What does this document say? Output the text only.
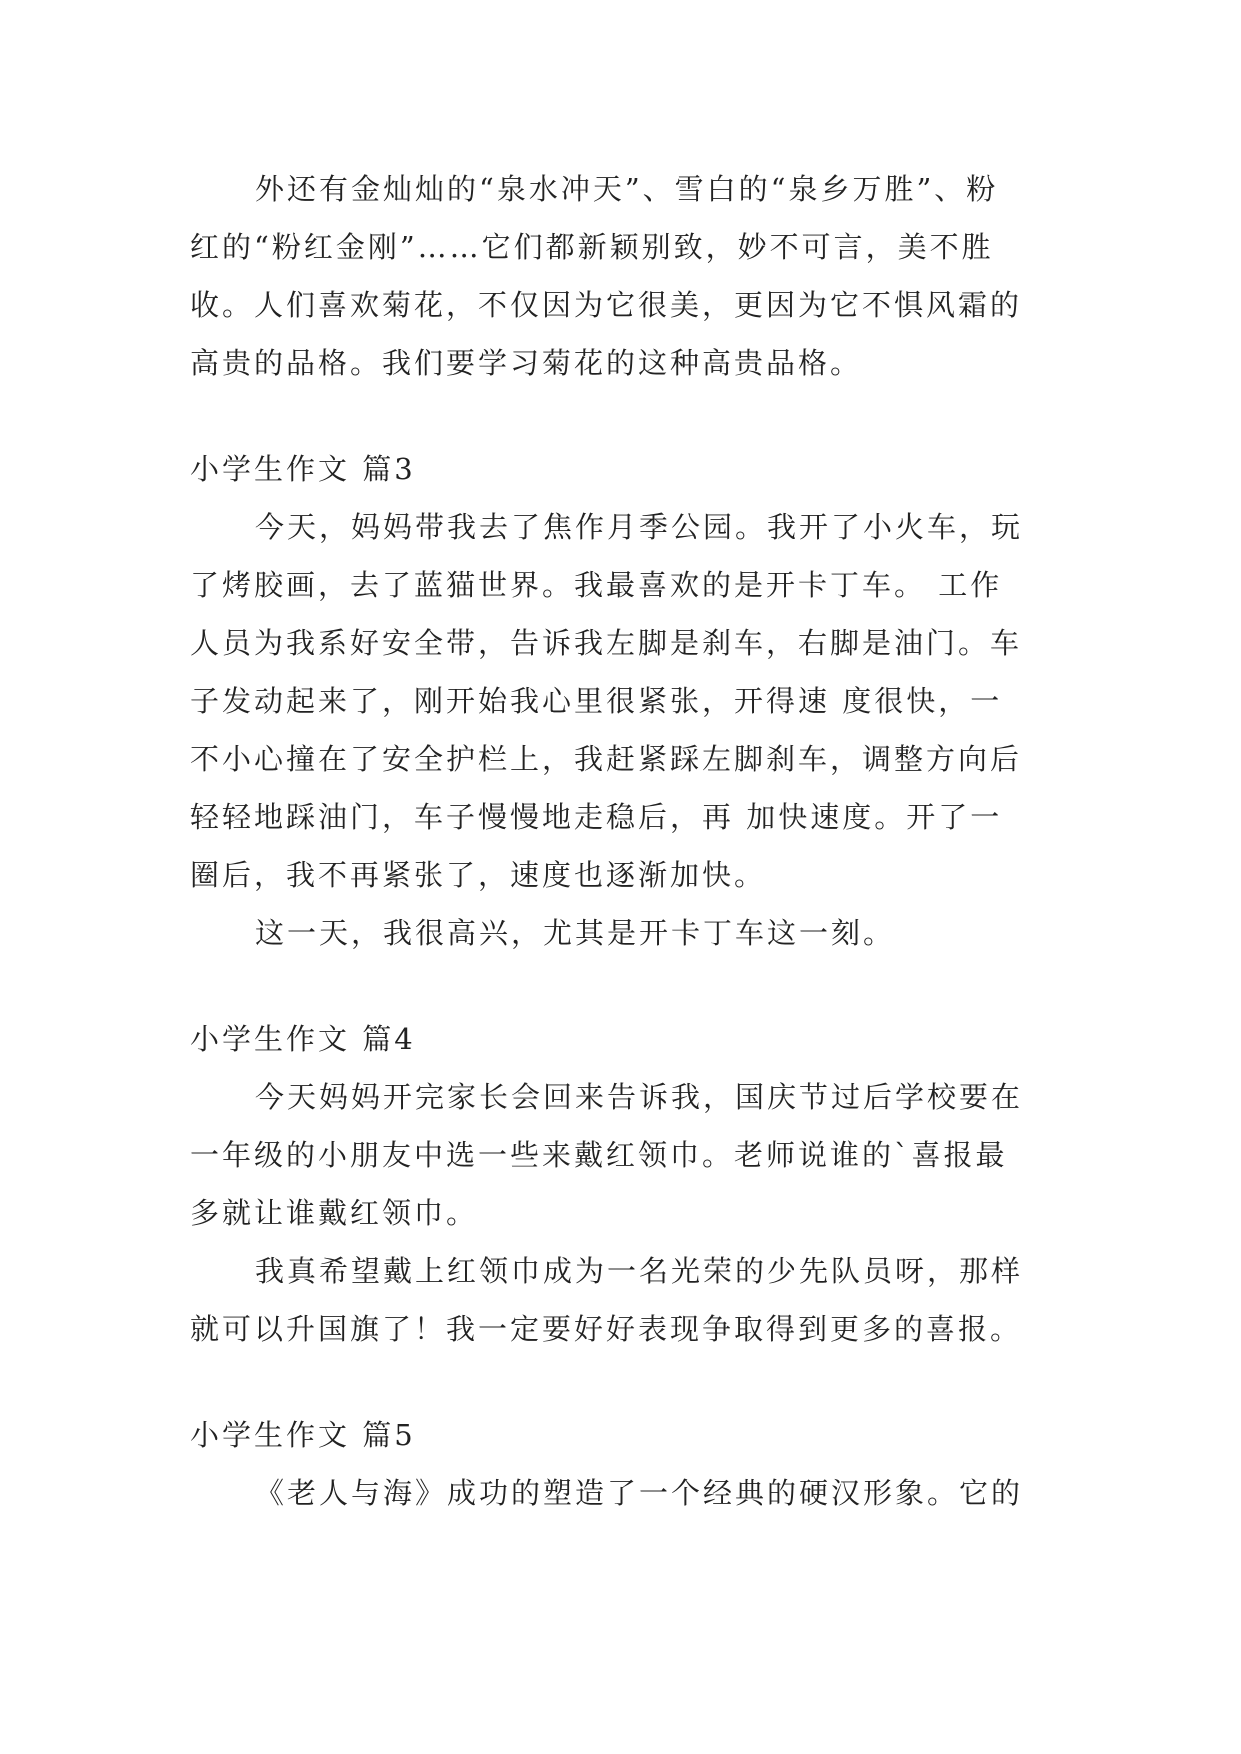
外还有金灿灿的“泉水冲天”、雪白的“泉乡万胜”、粉
红的“粉红金刚”……它们都新颖别致，妙不可言，美不胜
收。人们喜欢菊花，不仅因为它很美，更因为它不惧风霜的
高贵的品格。我们要学习菊花的这种高贵品格。
小学生作文 篇3
今天，妈妈带我去了焦作月季公园。我开了小火车，玩
了烤胶画，去了蓝猫世界。我最喜欢的是开卡丁车。 工作
人员为我系好安全带，告诉我左脚是刹车，右脚是油门。车
子发动起来了，刚开始我心里很紧张，开得速 度很快，一
不小心撞在了安全护栏上，我赶紧踩左脚刹车，调整方向后
轻轻地踩油门，车子慢慢地走稳后，再 加快速度。开了一
圈后，我不再紧张了，速度也逐渐加快。
这一天，我很高兴，尤其是开卡丁车这一刻。
小学生作文 篇4
今天妈妈开完家长会回来告诉我，国庆节过后学校要在
一年级的小朋友中选一些来戴红领巾。老师说谁的`喜报最
多就让谁戴红领巾。
我真希望戴上红领巾成为一名光荣的少先队员呀，那样
就可以升国旗了！我一定要好好表现争取得到更多的喜报。
小学生作文 篇5
《老人与海》成功的塑造了一个经典的硬汉形象。它的
